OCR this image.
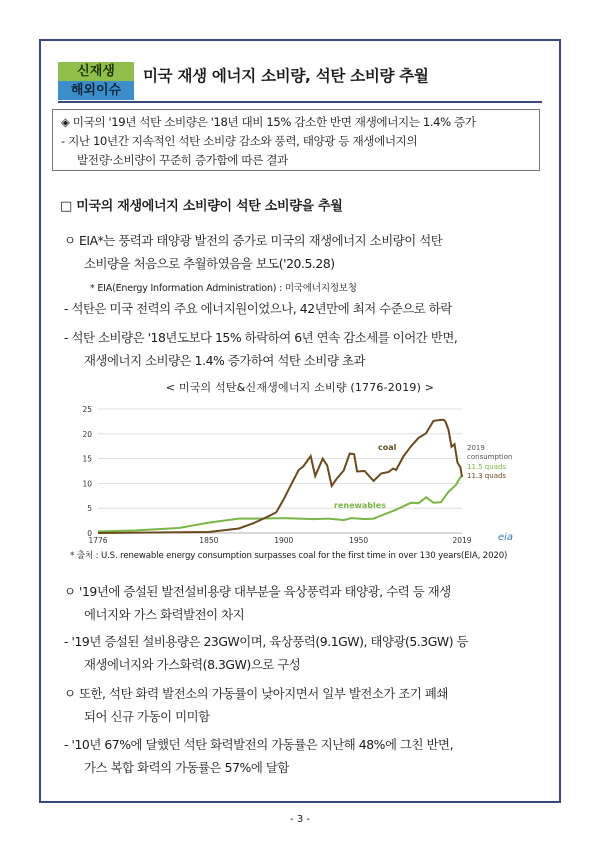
신재생
해외이슈
미국 재생 에너지 소비량, 석탄 소비량 추월
◈ 미국의 '19년 석탄 소비량은 '18년 대비 15% 감소한 반면 재생에너지는 1.4% 증가
- 지난 10년간 지속적인 석탄 소비량 감소와 풍력, 태양광 등 재생에너지의
발전량·소비량이 꾸준히 증가함에 따른 결과
□ 미국의 재생에너지 소비량이 석탄 소비량을 추월
ㅇ EIA*는 풍력과 태양광 발전의 증가로 미국의 재생에너지 소비량이 석탄
소비량을 처음으로 추월하였음을 보도('20.5.28)
* EIA(Energy Information Administration) : 미국에너지정보청
- 석탄은 미국 전력의 주요 에너지원이었으나, 42년만에 최저 수준으로 하락
- 석탄 소비량은 '18년도보다 15% 하락하여 6년 연속 감소세를 이어간 반면,
재생에너지 소비량은 1.4% 증가하여 석탄 소비량 초과
< 미국의 석탄&신재생에너지 소비량 (1776-2019) >
0
5
10
15
20
25
1776	1850	1900	1950	2019
coal
renewables
2019
consumption
11.5 quads
11.3 quads
eia
* 출처 : U.S. renewable energy consumption surpasses coal for the first time in over 130 years(EIA, 2020)
ㅇ '19년에 증설된 발전설비용량 대부분을 육상풍력과 태양광, 수력 등 재생
에너지와 가스 화력발전이 차지
- '19년 증설된 설비용량은 23GW이며, 육상풍력(9.1GW), 태양광(5.3GW) 등
재생에너지와 가스화력(8.3GW)으로 구성
ㅇ 또한, 석탄 화력 발전소의 가동률이 낮아지면서 일부 발전소가 조기 폐쇄
되어 신규 가동이 미미함
- '10년 67%에 달했던 석탄 화력발전의 가동률은 지난해 48%에 그친 반면,
가스 복합 화력의 가동률은 57%에 달함
- 3 -
